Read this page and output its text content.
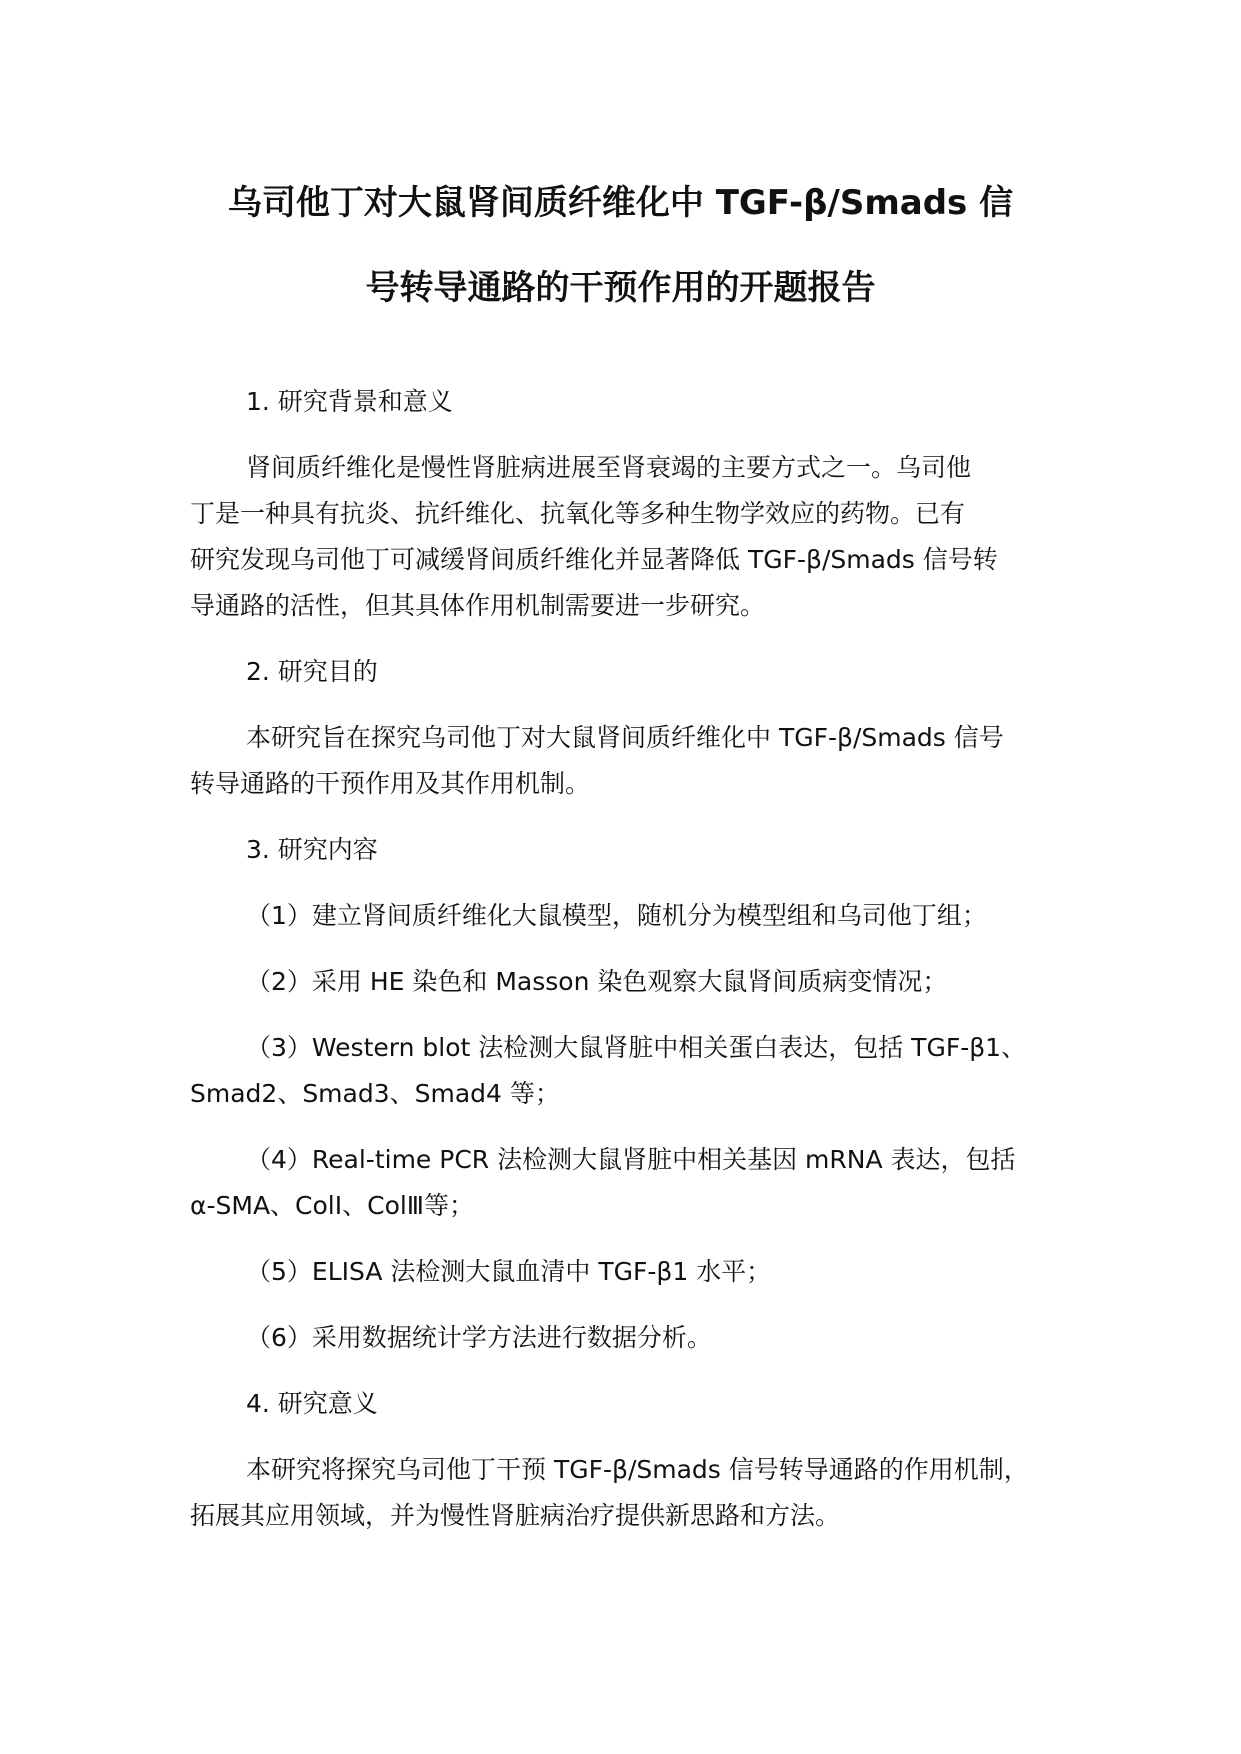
乌司他丁对大鼠肾间质纤维化中 TGF-β/Smads 信
号转导通路的干预作用的开题报告

1. 研究背景和意义

肾间质纤维化是慢性肾脏病进展至肾衰竭的主要方式之一。乌司他

丁是一种具有抗炎、抗纤维化、抗氧化等多种生物学效应的药物。已有

研究发现乌司他丁可减缓肾间质纤维化并显著降低 TGF-β/Smads 信号转

导通路的活性，但其具体作用机制需要进一步研究。

2. 研究目的

本研究旨在探究乌司他丁对大鼠肾间质纤维化中 TGF-β/Smads 信号

转导通路的干预作用及其作用机制。

3. 研究内容

（1）建立肾间质纤维化大鼠模型，随机分为模型组和乌司他丁组；

（2）采用 HE 染色和 Masson 染色观察大鼠肾间质病变情况；

（3）Western blot 法检测大鼠肾脏中相关蛋白表达，包括 TGF-β1、

Smad2、Smad3、Smad4 等；

（4）Real-time PCR 法检测大鼠肾脏中相关基因 mRNA 表达，包括

α-SMA、ColⅠ、ColⅢ等；

（5）ELISA 法检测大鼠血清中 TGF-β1 水平；

（6）采用数据统计学方法进行数据分析。

4. 研究意义

本研究将探究乌司他丁干预 TGF-β/Smads 信号转导通路的作用机制，

拓展其应用领域，并为慢性肾脏病治疗提供新思路和方法。
